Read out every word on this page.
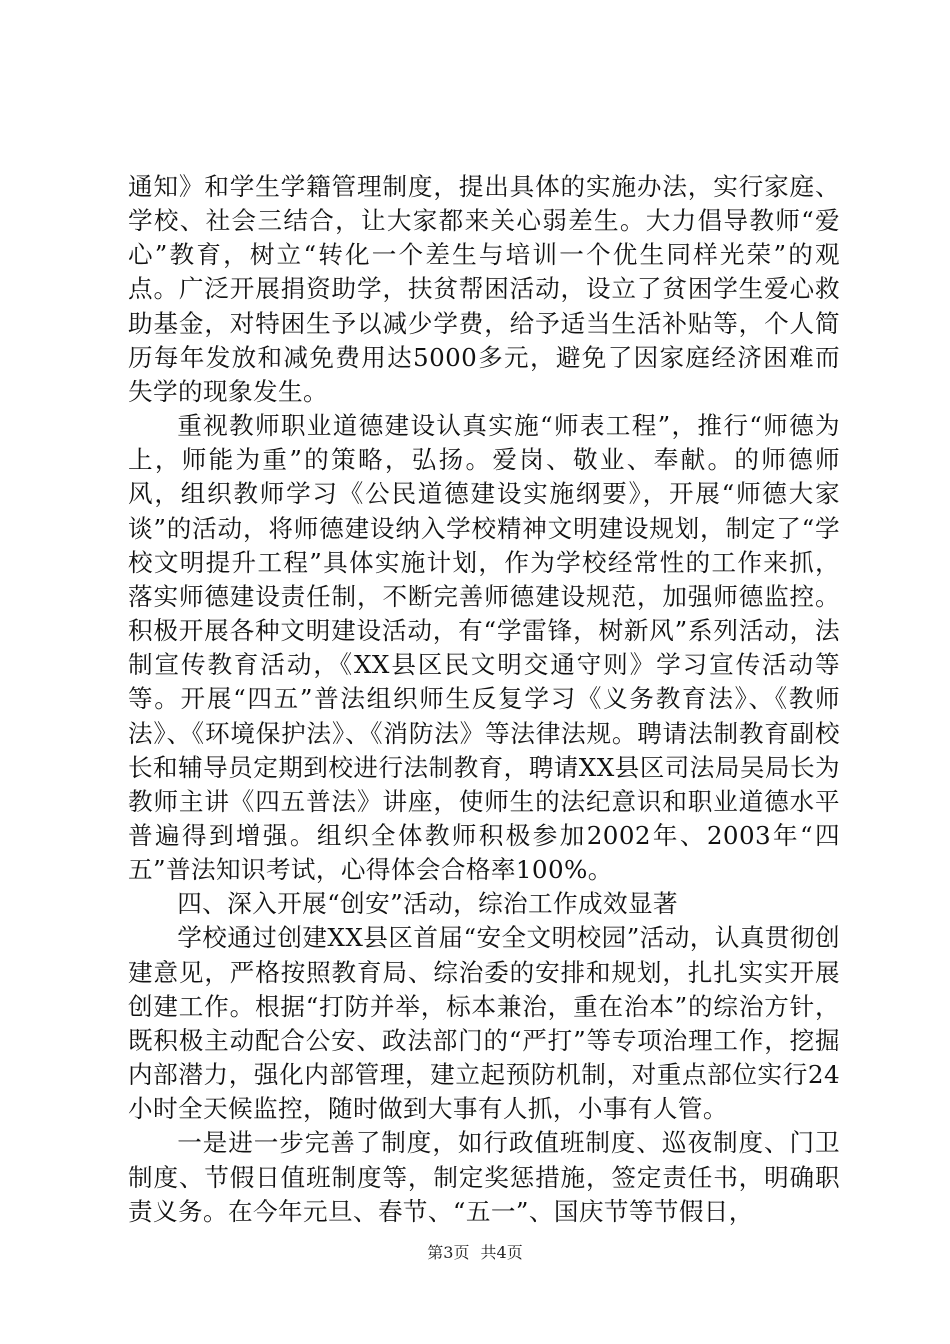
通知》和学生学籍管理制度，提出具体的实施办法，实行家庭、学校、社会三结合，让大家都来关心弱差生。大力倡导教师“爱心”教育，树立“转化一个差生与培训一个优生同样光荣”的观点。广泛开展捐资助学，扶贫帮困活动，设立了贫困学生爱心救助基金，对特困生予以减少学费，给予适当生活补贴等，个人简历每年发放和减免费用达5000多元，避免了因家庭经济困难而失学的现象发生。

重视教师职业道德建设认真实施“师表工程”，推行“师德为上，师能为重”的策略，弘扬。爱岗、敬业、奉献。的师德师风，组织教师学习《公民道德建设实施纲要》，开展“师德大家谈”的活动，将师德建设纳入学校精神文明建设规划，制定了“学校文明提升工程”具体实施计划，作为学校经常性的工作来抓，落实师德建设责任制，不断完善师德建设规范，加强师德监控。积极开展各种文明建设活动，有“学雷锋，树新风”系列活动，法制宣传教育活动，《XX县区民文明交通守则》学习宣传活动等等。开展“四五”普法组织师生反复学习《义务教育法》、《教师法》、《环境保护法》、《消防法》等法律法规。聘请法制教育副校长和辅导员定期到校进行法制教育，聘请XX县区司法局吴局长为教师主讲《四五普法》讲座，使师生的法纪意识和职业道德水平普遍得到增强。组织全体教师积极参加2002年、2003年“四五”普法知识考试，心得体会合格率100%。

四、深入开展“创安”活动，综治工作成效显著

学校通过创建XX县区首届“安全文明校园”活动，认真贯彻创建意见，严格按照教育局、综治委的安排和规划，扎扎实实开展创建工作。根据“打防并举，标本兼治，重在治本”的综治方针，既积极主动配合公安、政法部门的“严打”等专项治理工作，挖掘内部潜力，强化内部管理，建立起预防机制，对重点部位实行24小时全天候监控，随时做到大事有人抓，小事有人管。

一是进一步完善了制度，如行政值班制度、巡夜制度、门卫制度、节假日值班制度等，制定奖惩措施，签定责任书，明确职责义务。在今年元旦、春节、“五一”、国庆节等节假日，

第3页 共4页
